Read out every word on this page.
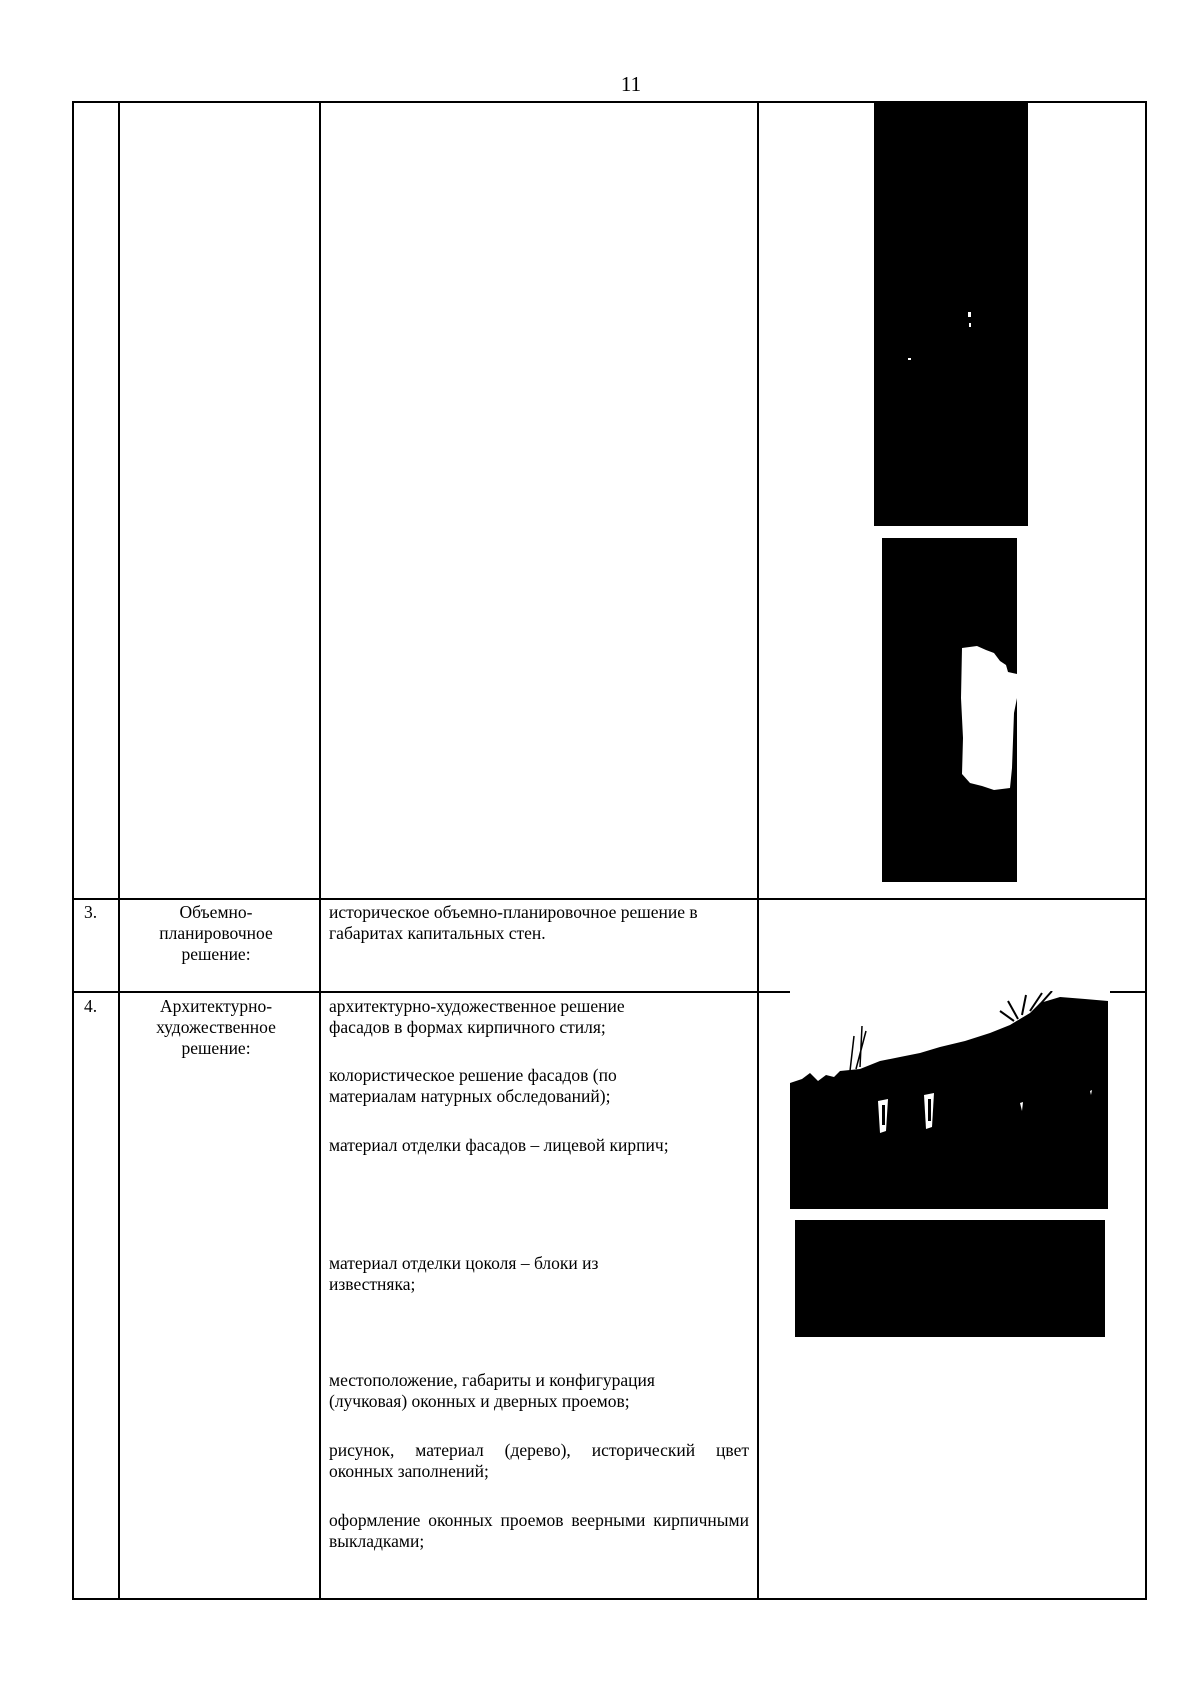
11
3.	Объемно-
планировочное
решение:

историческое объемно-планировочное решение в габаритах капитальных стен.

4.	Архитектурно-
художественное
решение:

архитектурно-художественное решение фасадов в формах кирпичного стиля;

колористическое решение фасадов (по материалам натурных обследований);

материал отделки фасадов – лицевой кирпич;

материал отделки цоколя – блоки из известняка;

местоположение, габариты и конфигурация (лучковая) оконных и дверных проемов;

рисунок, материал (дерево), исторический цвет оконных заполнений;

оформление оконных проемов веерными кирпичными выкладками;
